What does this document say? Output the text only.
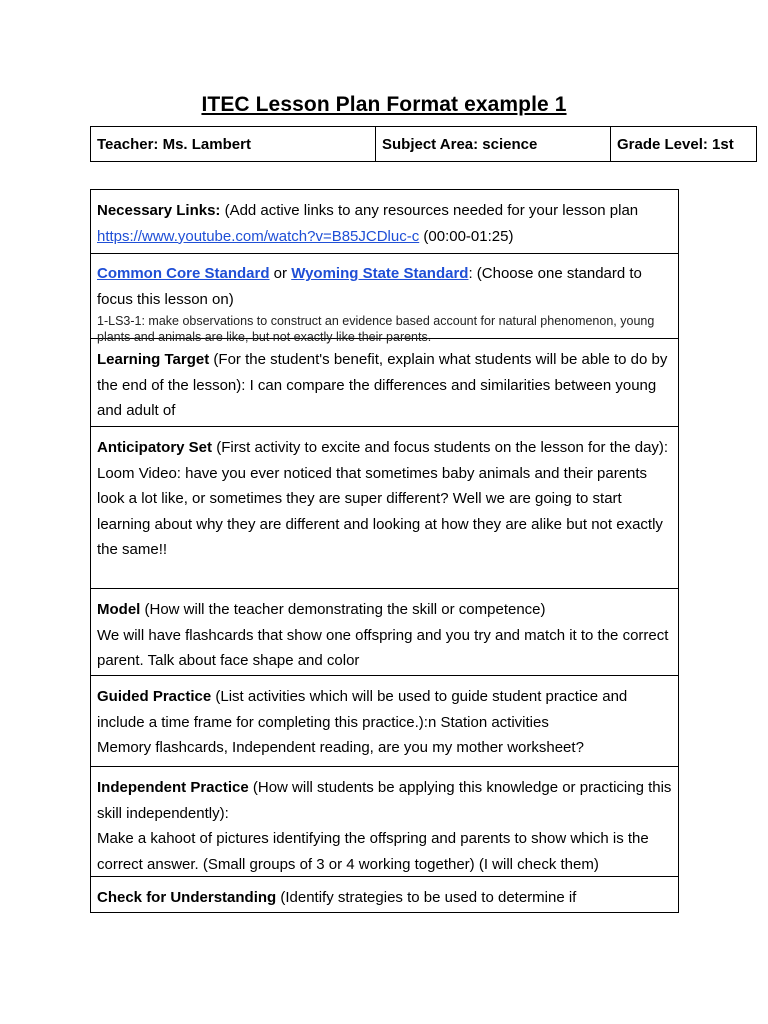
ITEC Lesson Plan Format example 1
Teacher: Ms. Lambert	Subject Area: science	Grade Level: 1st
Necessary Links: (Add active links to any resources needed for your lesson plan
https://www.youtube.com/watch?v=B85JCDluc-c (00:00-01:25)
Common Core Standard or Wyoming State Standard: (Choose one standard to focus this lesson on)
1-LS3-1: make observations to construct an evidence based account for natural phenomenon, young plants and animals are like, but not exactly like their parents.
Learning Target (For the student's benefit, explain what students will be able to do by the end of the lesson): I can compare the differences and similarities between young and adult of
Anticipatory Set (First activity to excite and focus students on the lesson for the day):
Loom Video: have you ever noticed that sometimes baby animals and their parents look a lot like, or sometimes they are super different? Well we are going to start learning about why they are different and looking at how they are alike but not exactly the same!!
Model (How will the teacher demonstrating the skill or competence)
We will have flashcards that show one offspring and you try and match it to the correct parent. Talk about face shape and color
Guided Practice (List activities which will be used to guide student practice and include a time frame for completing this practice.):n Station activities
Memory flashcards, Independent reading, are you my mother worksheet?
Independent Practice (How will students be applying this knowledge or practicing this skill independently):
Make a kahoot of pictures identifying the offspring and parents to show which is the correct answer. (Small groups of 3 or 4 working together) (I will check them)
Check for Understanding (Identify strategies to be used to determine if
